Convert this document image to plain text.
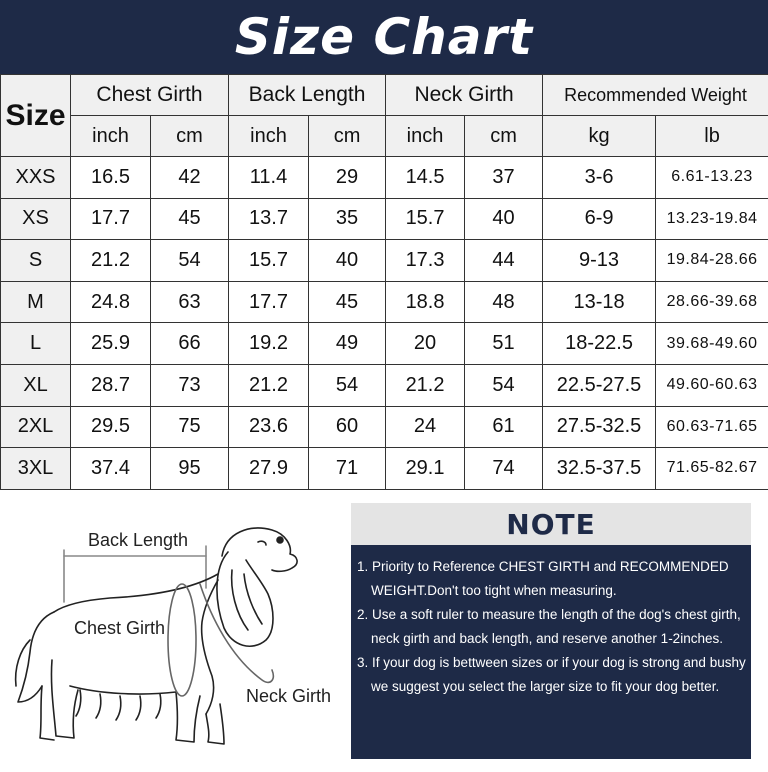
Size Chart
Size	Chest Girth		Back Length		Neck Girth		Recommended Weight	
	inch	cm	inch	cm	inch	cm	kg	lb
XXS	16.5	42	11.4	29	14.5	37	3-6	6.61-13.23
XS	17.7	45	13.7	35	15.7	40	6-9	13.23-19.84
S	21.2	54	15.7	40	17.3	44	9-13	19.84-28.66
M	24.8	63	17.7	45	18.8	48	13-18	28.66-39.68
L	25.9	66	19.2	49	20	51	18-22.5	39.68-49.60
XL	28.7	73	21.2	54	21.2	54	22.5-27.5	49.60-60.63
2XL	29.5	75	23.6	60	24	61	27.5-32.5	60.63-71.65
3XL	37.4	95	27.9	71	29.1	74	32.5-37.5	71.65-82.67
Back Length
Chest Girth
Neck Girth
NOTE
1. Priority to Reference CHEST GIRTH and RECOMMENDED WEIGHT.Don't too tight when measuring.
2. Use a soft ruler to measure the length of the dog's chest girth, neck girth and back length, and reserve another 1-2inches.
3. If your dog is bettween sizes or if your dog is strong and bushy we suggest you select the larger size to fit your dog better.
